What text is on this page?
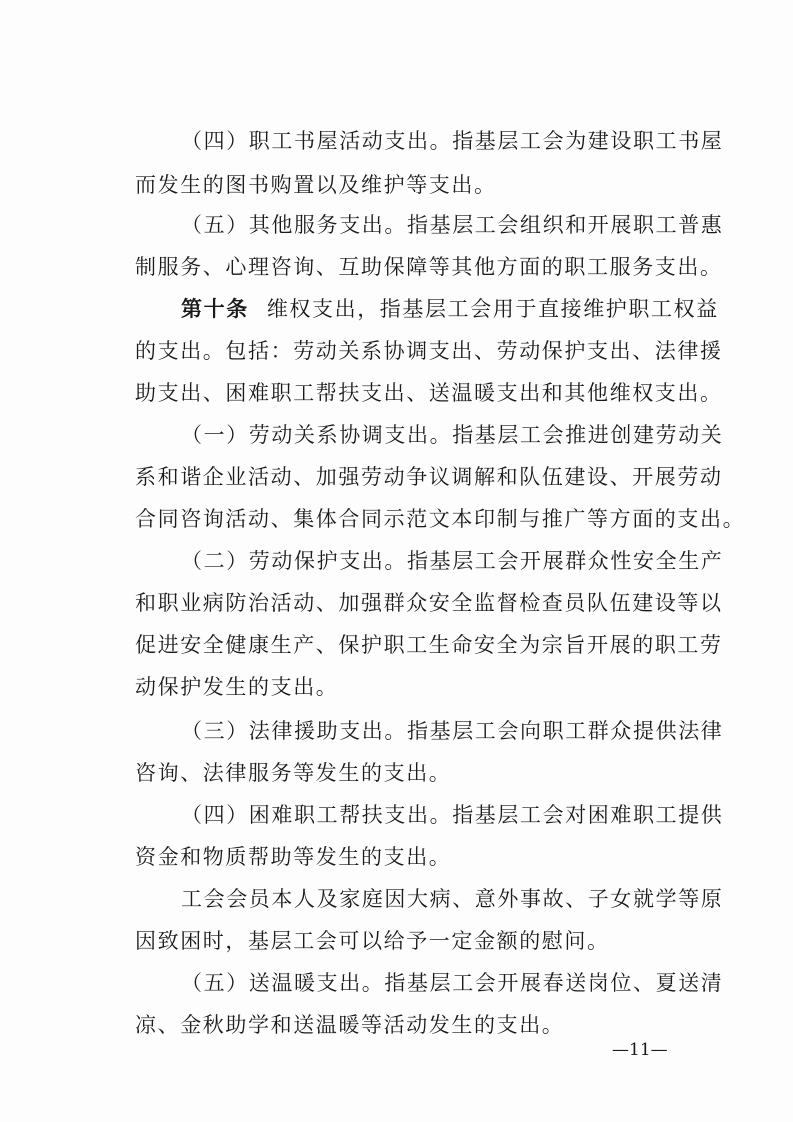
（四）职工书屋活动支出。指基层工会为建设职工书屋
而发生的图书购置以及维护等支出。
（五）其他服务支出。指基层工会组织和开展职工普惠
制服务、心理咨询、互助保障等其他方面的职工服务支出。
第十条 维权支出，指基层工会用于直接维护职工权益
的支出。包括：劳动关系协调支出、劳动保护支出、法律援
助支出、困难职工帮扶支出、送温暖支出和其他维权支出。
（一）劳动关系协调支出。指基层工会推进创建劳动关
系和谐企业活动、加强劳动争议调解和队伍建设、开展劳动
合同咨询活动、集体合同示范文本印制与推广等方面的支出。
（二）劳动保护支出。指基层工会开展群众性安全生产
和职业病防治活动、加强群众安全监督检查员队伍建设等以
促进安全健康生产、保护职工生命安全为宗旨开展的职工劳
动保护发生的支出。
（三）法律援助支出。指基层工会向职工群众提供法律
咨询、法律服务等发生的支出。
（四）困难职工帮扶支出。指基层工会对困难职工提供
资金和物质帮助等发生的支出。
工会会员本人及家庭因大病、意外事故、子女就学等原
因致困时，基层工会可以给予一定金额的慰问。
（五）送温暖支出。指基层工会开展春送岗位、夏送清
凉、金秋助学和送温暖等活动发生的支出。
—11—
